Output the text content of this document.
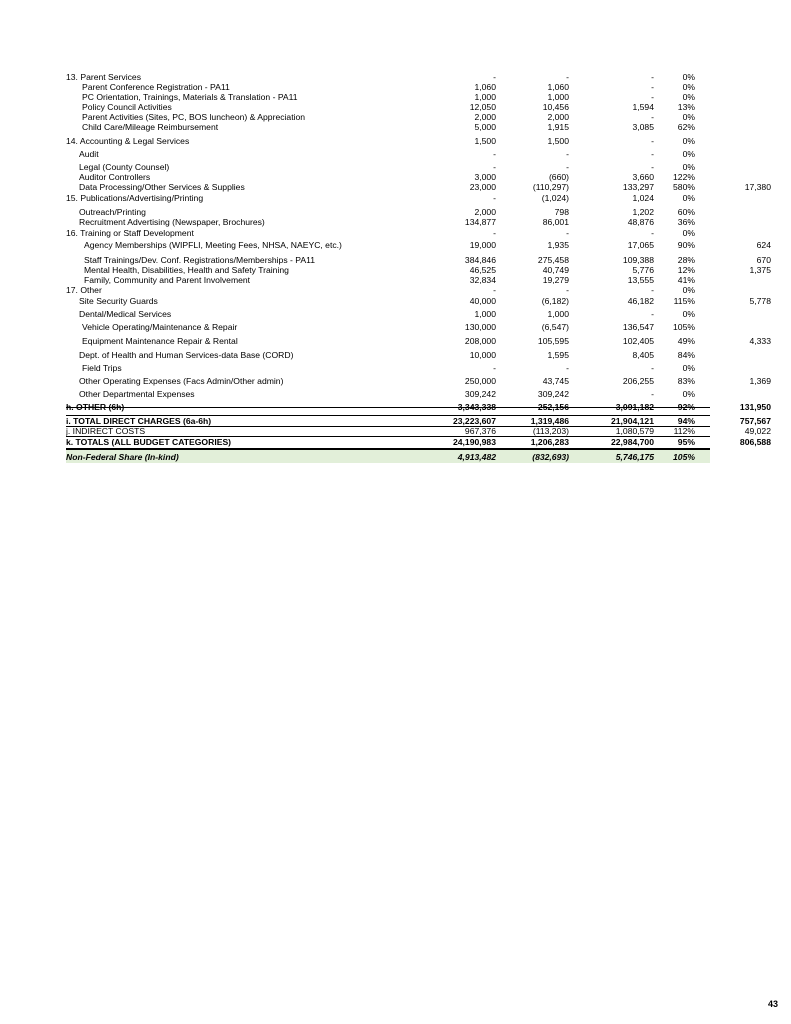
13. Parent Services	-	-	-	0%
Parent Conference Registration - PA11	1,060	1,060	-	0%
PC Orientation, Trainings, Materials & Translation - PA11	1,000	1,000	-	0%
Policy Council Activities	12,050	10,456	1,594	13%
Parent Activities (Sites, PC, BOS luncheon) & Appreciation	2,000	2,000	-	0%
Child Care/Mileage Reimbursement	5,000	1,915	3,085	62%
14. Accounting & Legal Services	1,500	1,500	-	0%
Audit	-	-	-	0%
Legal (County Counsel)	-	-	-	0%
Auditor Controllers	3,000	(660)	3,660	122%
Data Processing/Other Services & Supplies	23,000	(110,297)	133,297	580%	17,380
15. Publications/Advertising/Printing	-	(1,024)	1,024	0%
Outreach/Printing	2,000	798	1,202	60%
Recruitment Advertising (Newspaper, Brochures)	134,877	86,001	48,876	36%
16. Training or Staff Development	-	-	-	0%
Agency Memberships (WIPFLI, Meeting Fees, NHSA, NAEYC, etc.)	19,000	1,935	17,065	90%	624
Staff Trainings/Dev. Conf. Registrations/Memberships - PA11	384,846	275,458	109,388	28%	670
Mental Health, Disabilities, Health and Safety Training	46,525	40,749	5,776	12%	1,375
Family, Community and Parent Involvement	32,834	19,279	13,555	41%
17. Other	-	-	-	0%
Site Security Guards	40,000	(6,182)	46,182	115%	5,778
Dental/Medical Services	1,000	1,000	-	0%
Vehicle Operating/Maintenance & Repair	130,000	(6,547)	136,547	105%
Equipment Maintenance Repair & Rental	208,000	105,595	102,405	49%	4,333
Dept. of Health and Human Services-data Base (CORD)	10,000	1,595	8,405	84%
Field Trips	-	-	-	0%
Other Operating Expenses (Facs Admin/Other admin)	250,000	43,745	206,255	83%	1,369
Other Departmental Expenses	309,242	309,242	-	0%
h. OTHER (6h)	3,343,338	252,156	3,091,182	92%	131,950
i. TOTAL DIRECT CHARGES (6a-6h)	23,223,607	1,319,486	21,904,121	94%	757,567
j. INDIRECT COSTS	967,376	(113,203)	1,080,579	112%	49,022
k. TOTALS (ALL BUDGET CATEGORIES)	24,190,983	1,206,283	22,984,700	95%	806,588
Non-Federal Share (In-kind)	4,913,482	(832,693)	5,746,175	105%
43
